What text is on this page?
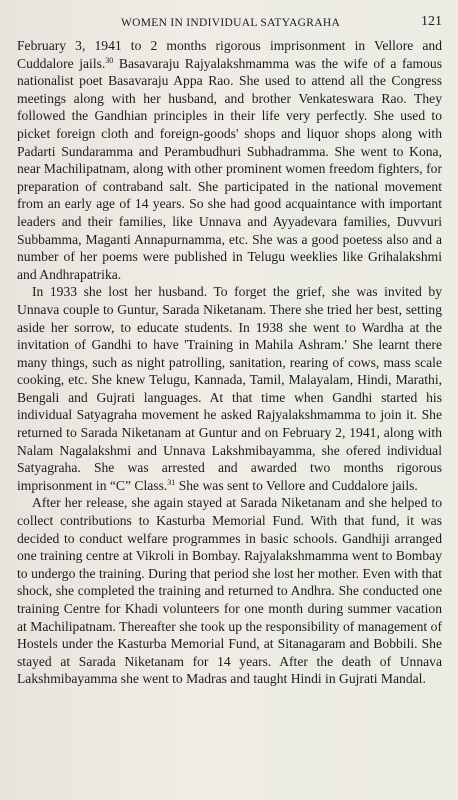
WOMEN IN INDIVIDUAL SATYAGRAHA	121

February 3, 1941 to 2 months rigorous imprisonment in Vellore and Cuddalore jails.$^{30}$ Basavaraju Rajyalakshmamma was the wife of a famous nationalist poet Basavaraju Appa Rao. She used to attend all the Congress meetings along with her husband, and brother Venkateswara Rao. They followed the Gandhian principles in their life very perfectly. She used to picket foreign cloth and foreign-goods' shops and liquor shops along with Padarti Sundaramma and Perambudhuri Subhadramma. She went to Kona, near Machilipatnam, along with other prominent women freedom fighters, for preparation of contraband salt. She participated in the national movement from an early age of 14 years. So she had good acquaintance with important leaders and their families, like Unnava and Ayyadevara families, Duvvuri Subbamma, Maganti Annapurnamma, etc. She was a good poetess also and a number of her poems were published in Telugu weeklies like Grihalakshmi and Andhrapatrika.

In 1933 she lost her husband. To forget the grief, she was invited by Unnava couple to Guntur, Sarada Niketanam. There she tried her best, setting aside her sorrow, to educate students. In 1938 she went to Wardha at the invitation of Gandhi to have 'Training in Mahila Ashram.' She learnt there many things, such as night patrolling, sanitation, rearing of cows, mass scale cooking, etc. She knew Telugu, Kannada, Tamil, Malayalam, Hindi, Marathi, Bengali and Gujrati languages. At that time when Gandhi started his individual Satyagraha movement he asked Rajyalakshmamma to join it. She returned to Sarada Niketanam at Guntur and on February 2, 1941, along with Nalam Nagalakshmi and Unnava Lakshmibayamma, she ofered individual Satyagraha. She was arrested and awarded two months rigorous imprisonment in “C” Class.$^{31}$ She was sent to Vellore and Cuddalore jails.

After her release, she again stayed at Sarada Niketanam and she helped to collect contributions to Kasturba Memorial Fund. With that fund, it was decided to conduct welfare programmes in basic schools. Gandhiji arranged one training centre at Vikroli in Bombay. Rajyalakshmamma went to Bombay to undergo the training. During that period she lost her mother. Even with that shock, she completed the training and returned to Andhra. She conducted one training Centre for Khadi volunteers for one month during summer vacation at Machilipatnam. Thereafter she took up the responsibility of management of Hostels under the Kasturba Memorial Fund, at Sitanagaram and Bobbili. She stayed at Sarada Niketanam for 14 years. After the death of Unnava Lakshmibayamma she went to Madras and taught Hindi in Gujrati Mandal.
